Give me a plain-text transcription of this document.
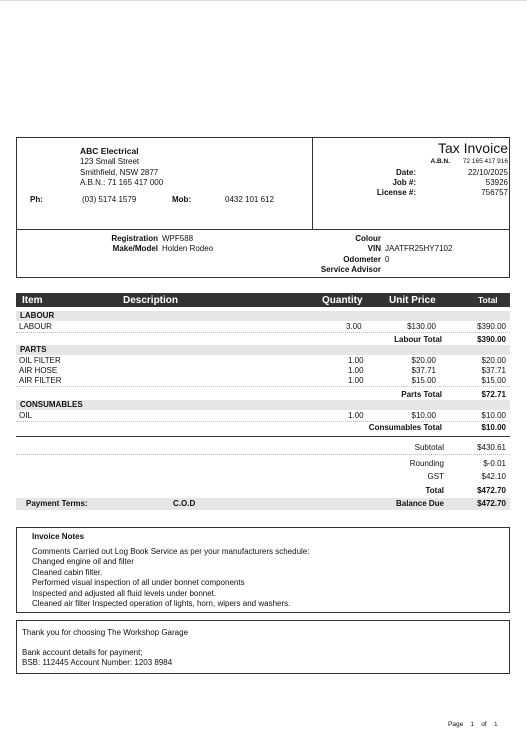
ABC Electrical
123 Small Street
Smithfield, NSW 2877
A.B.N.: 71 165 417 000
Ph:	(03) 5174 1579	Mob:	0432 101 612
Tax Invoice
A.B.N.	72 165 417 916
Date:	22/10/2025
Job #:	53926
License #:	756757
Registration WPF588
Make/Model Holden Rodeo
Colour
VIN JAATFR25HY7102
Odometer 0
Service Advisor
Item	Description	Quantity	Unit Price	Total
LABOUR
LABOUR	3.00	$130.00	$390.00
Labour Total	$390.00
PARTS
OIL FILTER	1.00	$20.00	$20.00
AIR HOSE	1.00	$37.71	$37.71
AIR FILTER	1.00	$15.00	$15.00
Parts Total	$72.71
CONSUMABLES
OIL	1.00	$10.00	$10.00
Consumables Total	$10.00
Subtotal	$430.61
Rounding	$-0.01
GST	$42.10
Total	$472.70
Payment Terms:	C.O.D	Balance Due	$472.70
Invoice Notes
Comments Carried out Log Book Service as per your manufacturers schedule:
Changed engine oil and filter
Cleaned cabin filter.
Performed visual inspection of all under bonnet components
Inspected and adjusted all fluid levels under bonnet.
Cleaned air filter Inspected operation of lights, horn, wipers and washers.
Thank you for choosing The Workshop Garage
Bank account details for payment;
BSB: 112445 Account Number: 1203 8984
Page 1 of 1
